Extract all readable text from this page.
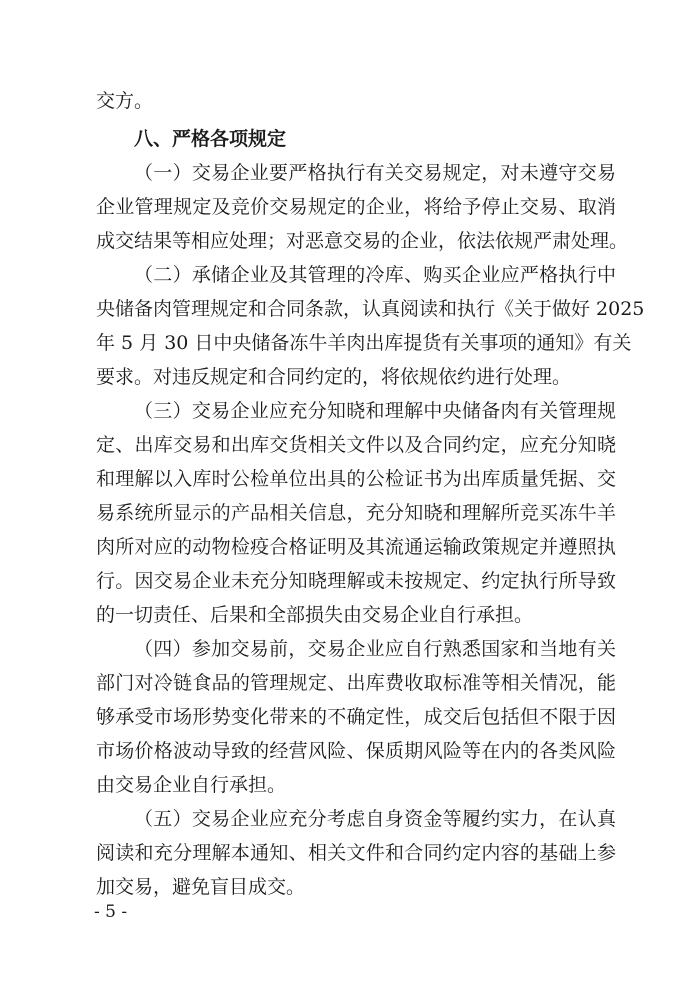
交方。
八、严格各项规定
（一）交易企业要严格执行有关交易规定，对未遵守交易
企业管理规定及竞价交易规定的企业，将给予停止交易、取消
成交结果等相应处理；对恶意交易的企业，依法依规严肃处理。
（二）承储企业及其管理的冷库、购买企业应严格执行中
央储备肉管理规定和合同条款，认真阅读和执行《关于做好 2025
年 5 月 30 日中央储备冻牛羊肉出库提货有关事项的通知》有关
要求。对违反规定和合同约定的，将依规依约进行处理。
（三）交易企业应充分知晓和理解中央储备肉有关管理规
定、出库交易和出库交货相关文件以及合同约定，应充分知晓
和理解以入库时公检单位出具的公检证书为出库质量凭据、交
易系统所显示的产品相关信息，充分知晓和理解所竞买冻牛羊
肉所对应的动物检疫合格证明及其流通运输政策规定并遵照执
行。因交易企业未充分知晓理解或未按规定、约定执行所导致
的一切责任、后果和全部损失由交易企业自行承担。
（四）参加交易前，交易企业应自行熟悉国家和当地有关
部门对冷链食品的管理规定、出库费收取标准等相关情况，能
够承受市场形势变化带来的不确定性，成交后包括但不限于因
市场价格波动导致的经营风险、保质期风险等在内的各类风险
由交易企业自行承担。
（五）交易企业应充分考虑自身资金等履约实力，在认真
阅读和充分理解本通知、相关文件和合同约定内容的基础上参
加交易，避免盲目成交。
- 5 -
